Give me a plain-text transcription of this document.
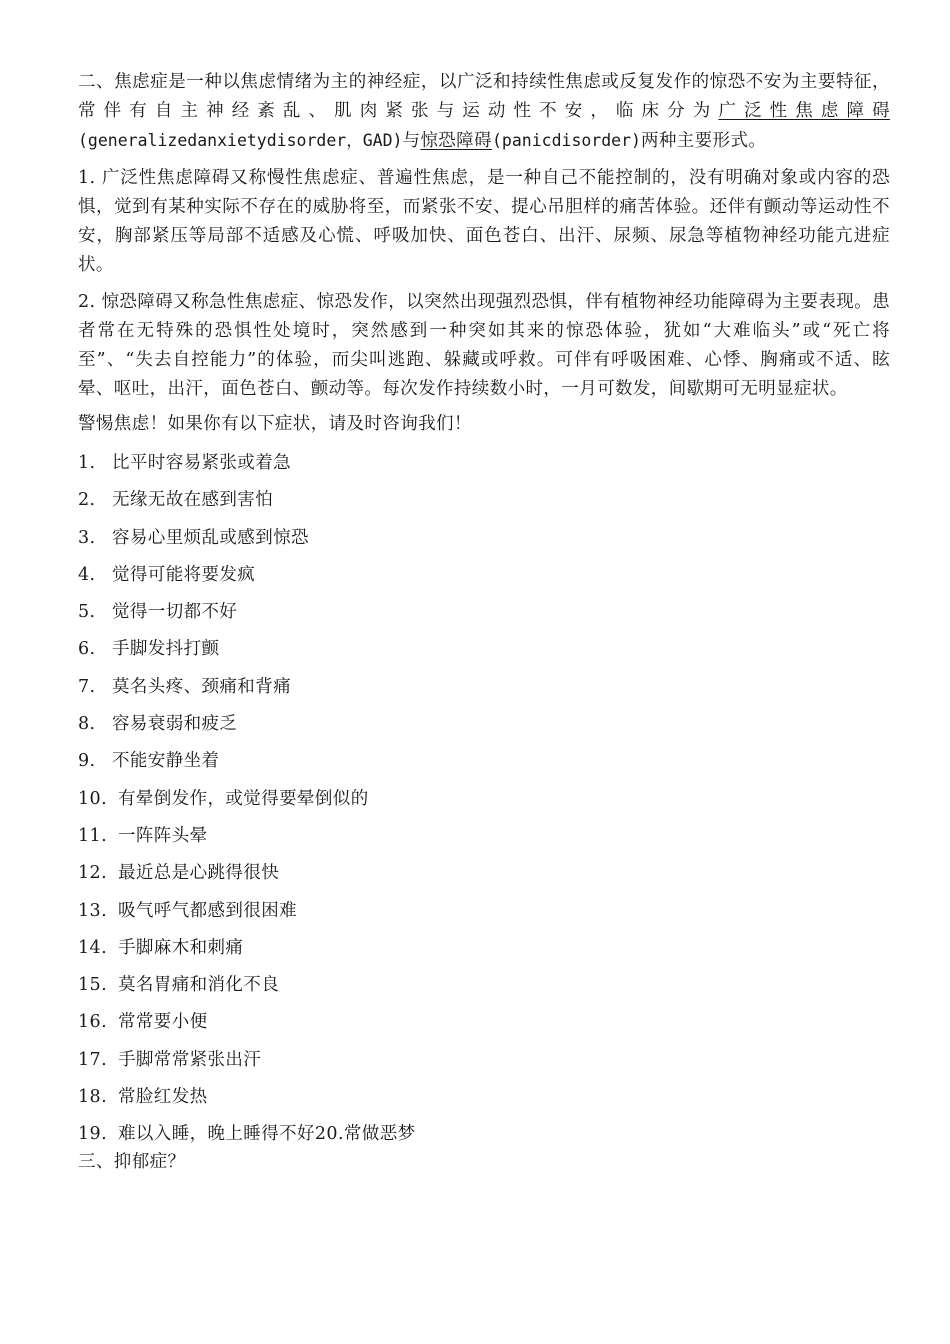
二、焦虑症是一种以焦虑情绪为主的神经症，以广泛和持续性焦虑或反复发作的惊恐不安为主要特征，常伴有自主神经紊乱、肌肉紧张与运动性不安，临床分为广泛性焦虑障碍(generalizedanxietydisorder，GAD)与惊恐障碍(panicdisorder)两种主要形式。

1. 广泛性焦虑障碍又称慢性焦虑症、普遍性焦虑，是一种自己不能控制的，没有明确对象或内容的恐惧，觉到有某种实际不存在的威胁将至，而紧张不安、提心吊胆样的痛苦体验。还伴有颤动等运动性不安，胸部紧压等局部不适感及心慌、呼吸加快、面色苍白、出汗、尿频、尿急等植物神经功能亢进症状。

2. 惊恐障碍又称急性焦虑症、惊恐发作，以突然出现强烈恐惧，伴有植物神经功能障碍为主要表现。患者常在无特殊的恐惧性处境时，突然感到一种突如其来的惊恐体验，犹如“大难临头”或“死亡将至”、“失去自控能力”的体验，而尖叫逃跑、躲藏或呼救。可伴有呼吸困难、心悸、胸痛或不适、眩晕、呕吐，出汗，面色苍白、颤动等。每次发作持续数小时，一月可数发，间歇期可无明显症状。

警惕焦虑！如果你有以下症状，请及时咨询我们！
1. 比平时容易紧张或着急
2. 无缘无故在感到害怕
3. 容易心里烦乱或感到惊恐
4. 觉得可能将要发疯
5. 觉得一切都不好
6. 手脚发抖打颤
7. 莫名头疼、颈痛和背痛
8. 容易衰弱和疲乏
9. 不能安静坐着
10. 有晕倒发作，或觉得要晕倒似的
11. 一阵阵头晕
12. 最近总是心跳得很快
13. 吸气呼气都感到很困难
14. 手脚麻木和刺痛
15. 莫名胃痛和消化不良
16. 常常要小便
17. 手脚常常紧张出汗
18. 常脸红发热
19. 难以入睡，晚上睡得不好20.常做恶梦
三、抑郁症？
